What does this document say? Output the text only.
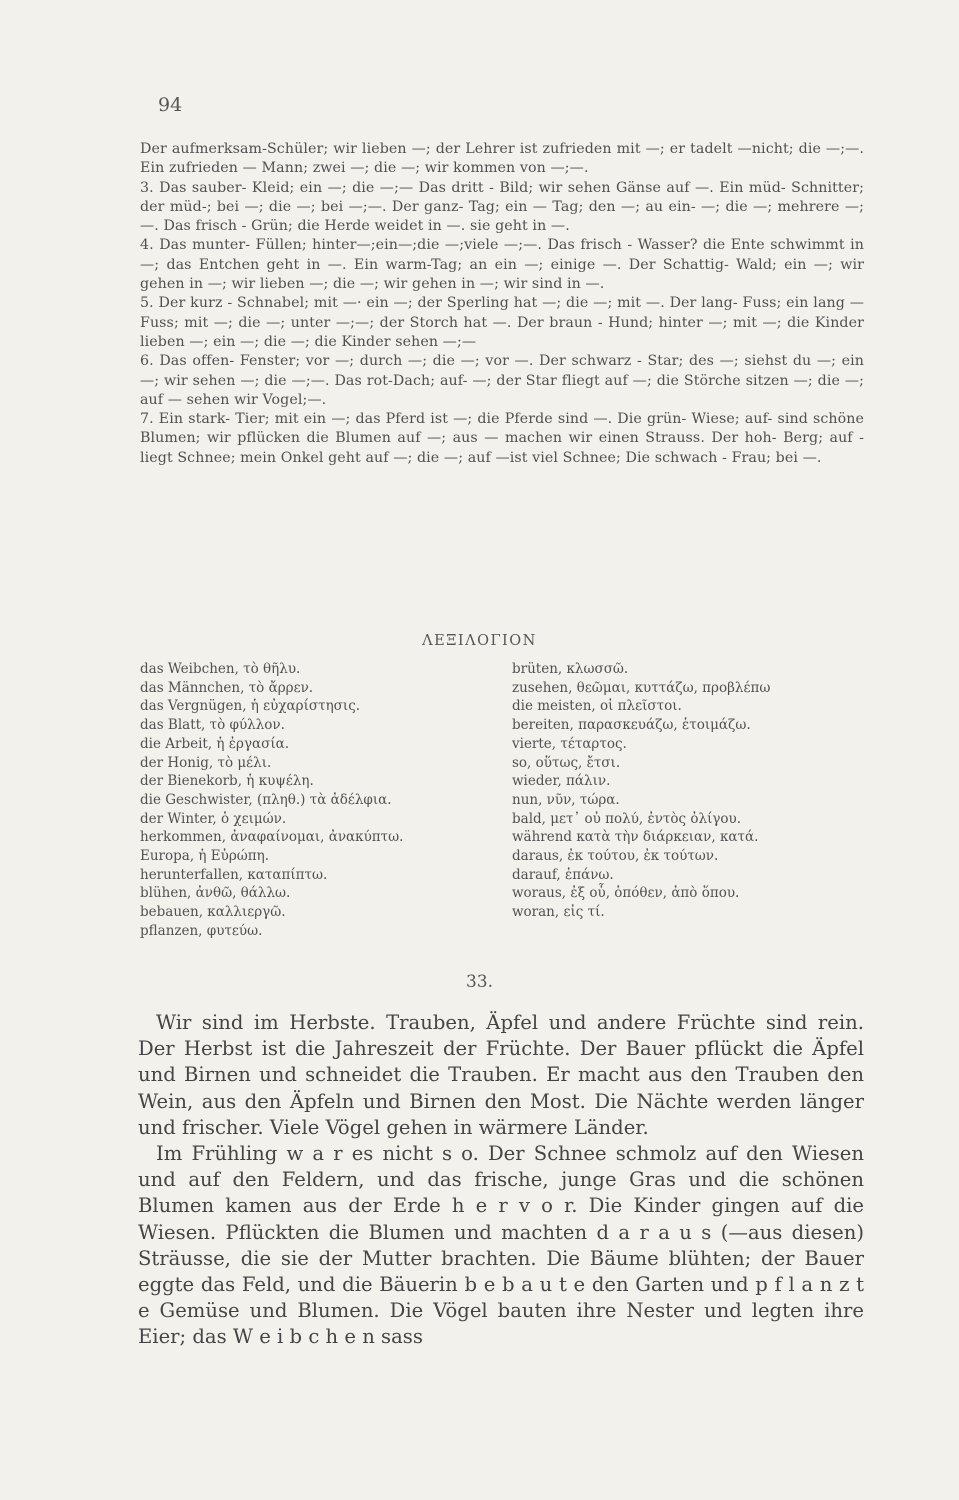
94

Der aufmerksam-Schüler; wir lieben —; der Lehrer ist zufrieden mit —; er tadelt —nicht; die —;—. Ein zufrieden — Mann; zwei —; die —; wir kommen von —;—.

3. Das sauber- Kleid; ein —; die —;— Das dritt - Bild; wir sehen Gänse auf —. Ein müd- Schnitter; der müd-; bei —; die —; bei —;—. Der ganz- Tag; ein — Tag; den —; au ein- —; die —; mehrere —;—. Das frisch - Grün; die Herde weidet in —. sie geht in —.

4. Das munter- Füllen; hinter—;ein—;die —;viele —;—. Das frisch - Wasser? die Ente schwimmt in —; das Entchen geht in —. Ein warm-Tag; an ein —; einige —. Der Schattig- Wald; ein —; wir gehen in —; wir lieben —; die —; wir gehen in —; wir sind in —.

5. Der kurz - Schnabel; mit —· ein —; der Sperling hat —; die —; mit —. Der lang- Fuss; ein lang — Fuss; mit —; die —; unter —;—; der Storch hat —. Der braun - Hund; hinter —; mit —; die Kinder lieben —; ein —; die —; die Kinder sehen —;—

6. Das offen- Fenster; vor —; durch —; die —; vor —. Der schwarz - Star; des —; siehst du —; ein —; wir sehen —; die —;—. Das rot-Dach; auf- —; der Star fliegt auf —; die Störche sitzen —; die —; auf — sehen wir Vogel;—.

7. Ein stark- Tier; mit ein —; das Pferd ist —; die Pferde sind —. Die grün- Wiese; auf- sind schöne Blumen; wir pflücken die Blumen auf —; aus — machen wir einen Strauss. Der hoh- Berg; auf - liegt Schnee; mein Onkel geht auf —; die —; auf —ist viel Schnee; Die schwach - Frau; bei —.

ΛΕΞΙΛΟΓΙΟΝ
das Weibchen, τὸ θῆλυ.
das Männchen, τὸ ἄρρεν.
das Vergnügen, ἡ εὐχαρίστησις.
das Blatt, τὸ φύλλον.
die Arbeit, ἡ ἐργασία.
der Honig, τὸ μέλι.
der Bienekorb, ἡ κυψέλη.
die Geschwister, (πληθ.) τὰ ἀδέλφια.
der Winter, ὁ χειμών.
herkommen, ἀναφαίνομαι, ἀνακύπτω.
Europa, ἡ Εὐρώπη.
herunterfallen, καταπίπτω.
blühen, ἀνθῶ, θάλλω.
bebauen, καλλιεργῶ.
pflanzen, φυτεύω.
brüten, κλωσσῶ.
zusehen, θεῶμαι, κυττάζω, προβλέπω
die meisten, οἱ πλεῖστοι.
bereiten, παρασκευάζω, ἑτοιμάζω.
vierte, τέταρτος.
so, οὕτως, ἔτσι.
wieder, πάλιν.
nun, νῦν, τώρα.
bald, μετ᾽ οὐ πολύ, ἐντὸς ὀλίγου.
während κατὰ τὴν διάρκειαν, κατά.
daraus, ἐκ τούτου, ἐκ τούτων.
darauf, ἐπάνω.
woraus, ἐξ οὗ, ὁπόθεν, ἀπὸ ὅπου.
woran, εἰς τί.
33.

Wir sind im Herbste. Trauben, Äpfel und andere Früchte sind rein. Der Herbst ist die Jahreszeit der Früchte. Der Bauer pflückt die Äpfel und Birnen und schneidet die Trauben. Er macht aus den Trauben den Wein, aus den Äpfeln und Birnen den Most. Die Nächte werden länger und frischer. Viele Vögel gehen in wärmere Länder.

Im Frühling w a r es nicht s o. Der Schnee schmolz auf den Wiesen und auf den Feldern, und das frische, junge Gras und die schönen Blumen kamen aus der Erde h e r v o r. Die Kinder gingen auf die Wiesen. Pflückten die Blumen und machten d a r a u s (—aus diesen) Sträusse, die sie der Mutter brachten. Die Bäume blühten; der Bauer eggte das Feld, und die Bäuerin b e b a u t e den Garten und p f l a n z t e Gemüse und Blumen. Die Vögel bauten ihre Nester und legten ihre Eier; das W e i b c h e n sass
